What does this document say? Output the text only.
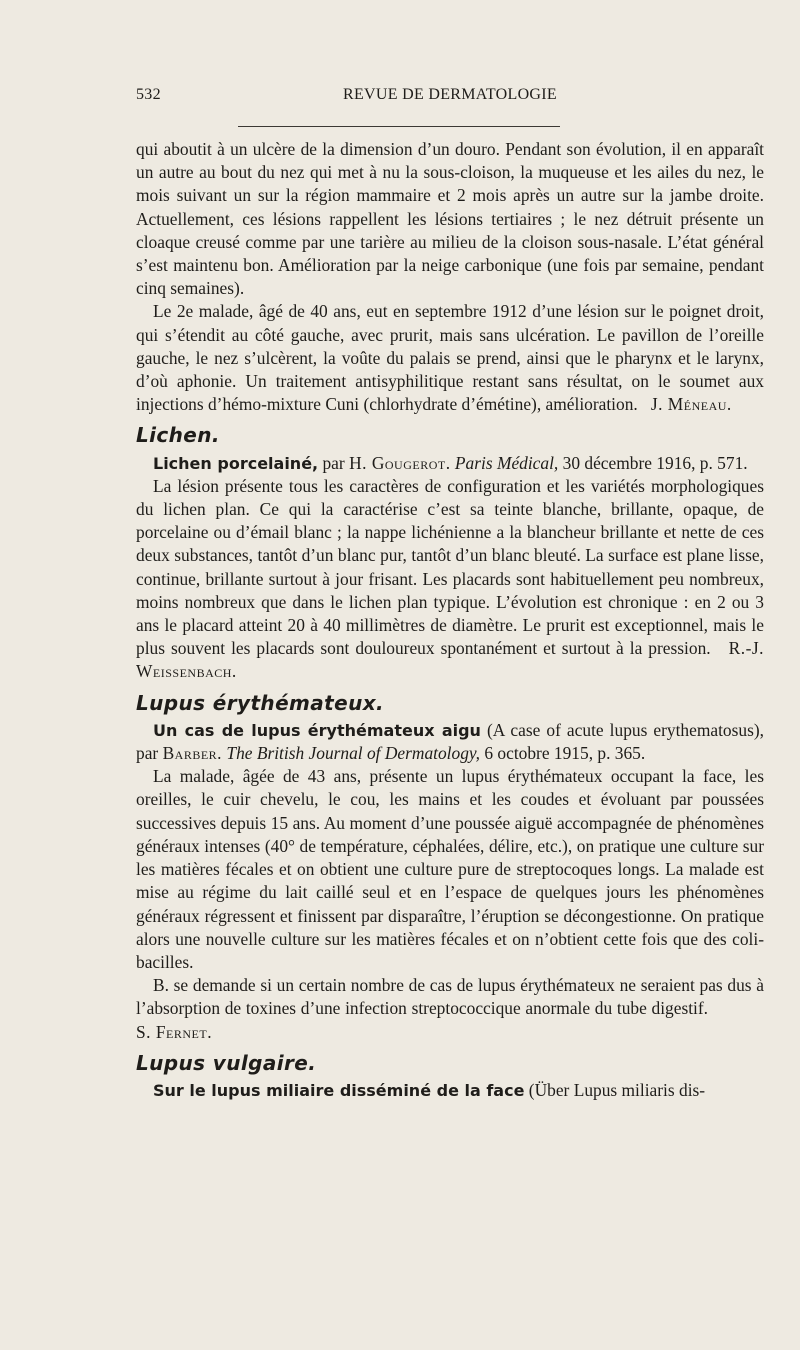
532	REVUE DE DERMATOLOGIE

qui aboutit à un ulcère de la dimension d’un douro. Pendant son évolution, il en apparaît un autre au bout du nez qui met à nu la sous-cloison, la muqueuse et les ailes du nez, le mois suivant un sur la région mammaire et 2 mois après un autre sur la jambe droite. Actuellement, ces lésions rappellent les lésions tertiaires ; le nez détruit présente un cloaque creusé comme par une tarière au milieu de la cloison sous-nasale. L’état général s’est maintenu bon. Amélioration par la neige carbonique (une fois par semaine, pendant cinq semaines).

Le 2e malade, âgé de 40 ans, eut en septembre 1912 d’une lésion sur le poignet droit, qui s’étendit au côté gauche, avec prurit, mais sans ulcération. Le pavillon de l’oreille gauche, le nez s’ulcèrent, la voûte du palais se prend, ainsi que le pharynx et le larynx, d’où aphonie. Un traitement antisyphilitique restant sans résultat, on le soumet aux injections d’hémo-mixture Cuni (chlorhydrate d’émétine), amélioration. J. Méneau.

Lichen.

Lichen porcelainé, par H. Gougerot. Paris Médical, 30 décembre 1916, p. 571.

La lésion présente tous les caractères de configuration et les variétés morphologiques du lichen plan. Ce qui la caractérise c’est sa teinte blanche, brillante, opaque, de porcelaine ou d’émail blanc ; la nappe lichénienne a la blancheur brillante et nette de ces deux substances, tantôt d’un blanc pur, tantôt d’un blanc bleuté. La surface est plane lisse, continue, brillante surtout à jour frisant. Les placards sont habituellement peu nombreux, moins nombreux que dans le lichen plan typique. L’évolution est chronique : en 2 ou 3 ans le placard atteint 20 à 40 millimètres de diamètre. Le prurit est exceptionnel, mais le plus souvent les placards sont douloureux spontanément et surtout à la pression. R.-J. Weissenbach.

Lupus érythémateux.

Un cas de lupus érythémateux aigu (A case of acute lupus erythematosus), par Barber. The British Journal of Dermatology, 6 octobre 1915, p. 365.

La malade, âgée de 43 ans, présente un lupus érythémateux occupant la face, les oreilles, le cuir chevelu, le cou, les mains et les coudes et évoluant par poussées successives depuis 15 ans. Au moment d’une poussée aiguë accompagnée de phénomènes généraux intenses (40° de température, céphalées, délire, etc.), on pratique une culture sur les matières fécales et on obtient une culture pure de streptocoques longs. La malade est mise au régime du lait caillé seul et en l’espace de quelques jours les phénomènes généraux régressent et finissent par disparaître, l’éruption se décongestionne. On pratique alors une nouvelle culture sur les matières fécales et on n’obtient cette fois que des coli-bacilles.

B. se demande si un certain nombre de cas de lupus érythémateux ne seraient pas dus à l’absorption de toxines d’une infection streptococcique anormale du tube digestif.             S. Fernet.

Lupus vulgaire.

Sur le lupus miliaire disséminé de la face (Über Lupus miliaris dis-
